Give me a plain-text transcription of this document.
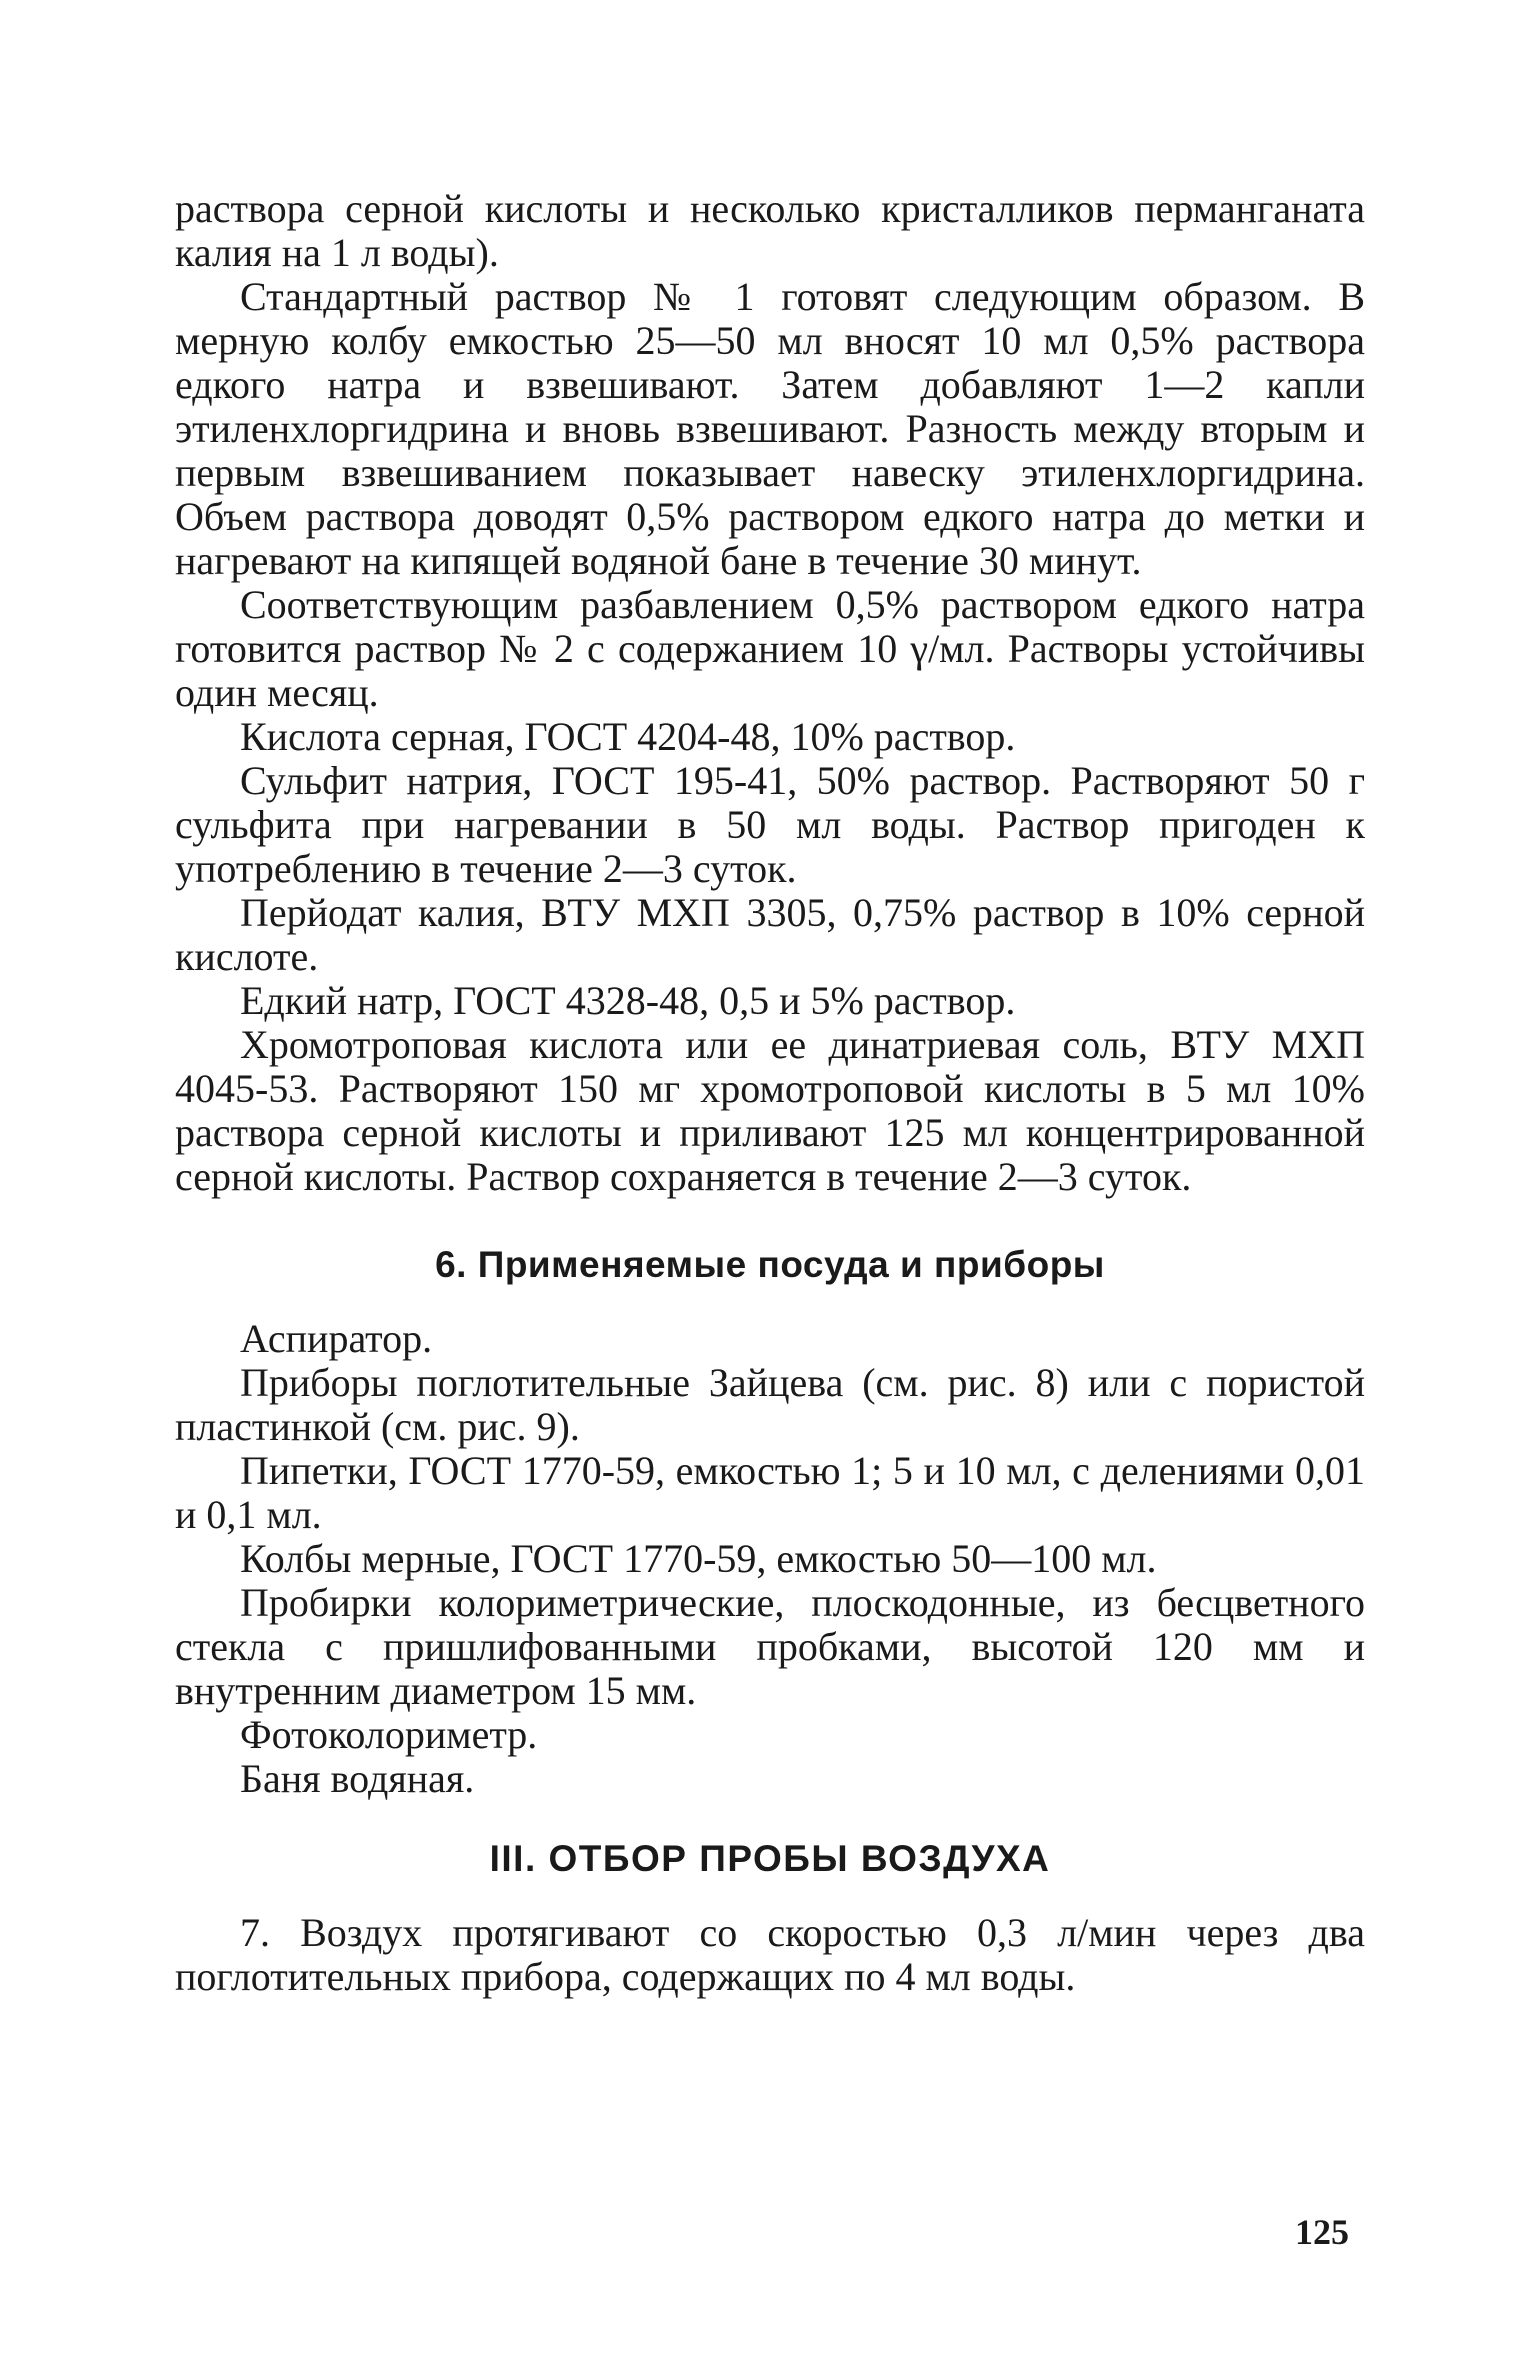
раствора серной кислоты и несколько кристалликов перманганата калия на 1 л воды).

Стандартный раствор № 1 готовят следующим образом. В мерную колбу емкостью 25—50 мл вносят 10 мл 0,5% раствора едкого натра и взвешивают. Затем добавляют 1—2 капли этиленхлоргидрина и вновь взвешивают. Разность между вторым и первым взвешиванием показывает навеску этиленхлоргидрина. Объем раствора доводят 0,5% раствором едкого натра до метки и нагревают на кипящей водяной бане в течение 30 минут.

Соответствующим разбавлением 0,5% раствором едкого натра готовится раствор № 2 с содержанием 10 γ/мл. Растворы устойчивы один месяц.

Кислота серная, ГОСТ 4204-48, 10% раствор.

Сульфит натрия, ГОСТ 195-41, 50% раствор. Растворяют 50 г сульфита при нагревании в 50 мл воды. Раствор пригоден к употреблению в течение 2—3 суток.

Перйодат калия, ВТУ МХП 3305, 0,75% раствор в 10% серной кислоте.

Едкий натр, ГОСТ 4328-48, 0,5 и 5% раствор.

Хромотроповая кислота или ее динатриевая соль, ВТУ МХП 4045-53. Растворяют 150 мг хромотроповой кислоты в 5 мл 10% раствора серной кислоты и приливают 125 мл концентрированной серной кислоты. Раствор сохраняется в течение 2—3 суток.

6. Применяемые посуда и приборы

Аспиратор.

Приборы поглотительные Зайцева (см. рис. 8) или с пористой пластинкой (см. рис. 9).

Пипетки, ГОСТ 1770-59, емкостью 1; 5 и 10 мл, с делениями 0,01 и 0,1 мл.

Колбы мерные, ГОСТ 1770-59, емкостью 50—100 мл.

Пробирки колориметрические, плоскодонные, из бесцветного стекла с пришлифованными пробками, высотой 120 мм и внутренним диаметром 15 мм.

Фотоколориметр.

Баня водяная.

III. ОТБОР ПРОБЫ ВОЗДУХА

7. Воздух протягивают со скоростью 0,3 л/мин через два поглотительных прибора, содержащих по 4 мл воды.

125
